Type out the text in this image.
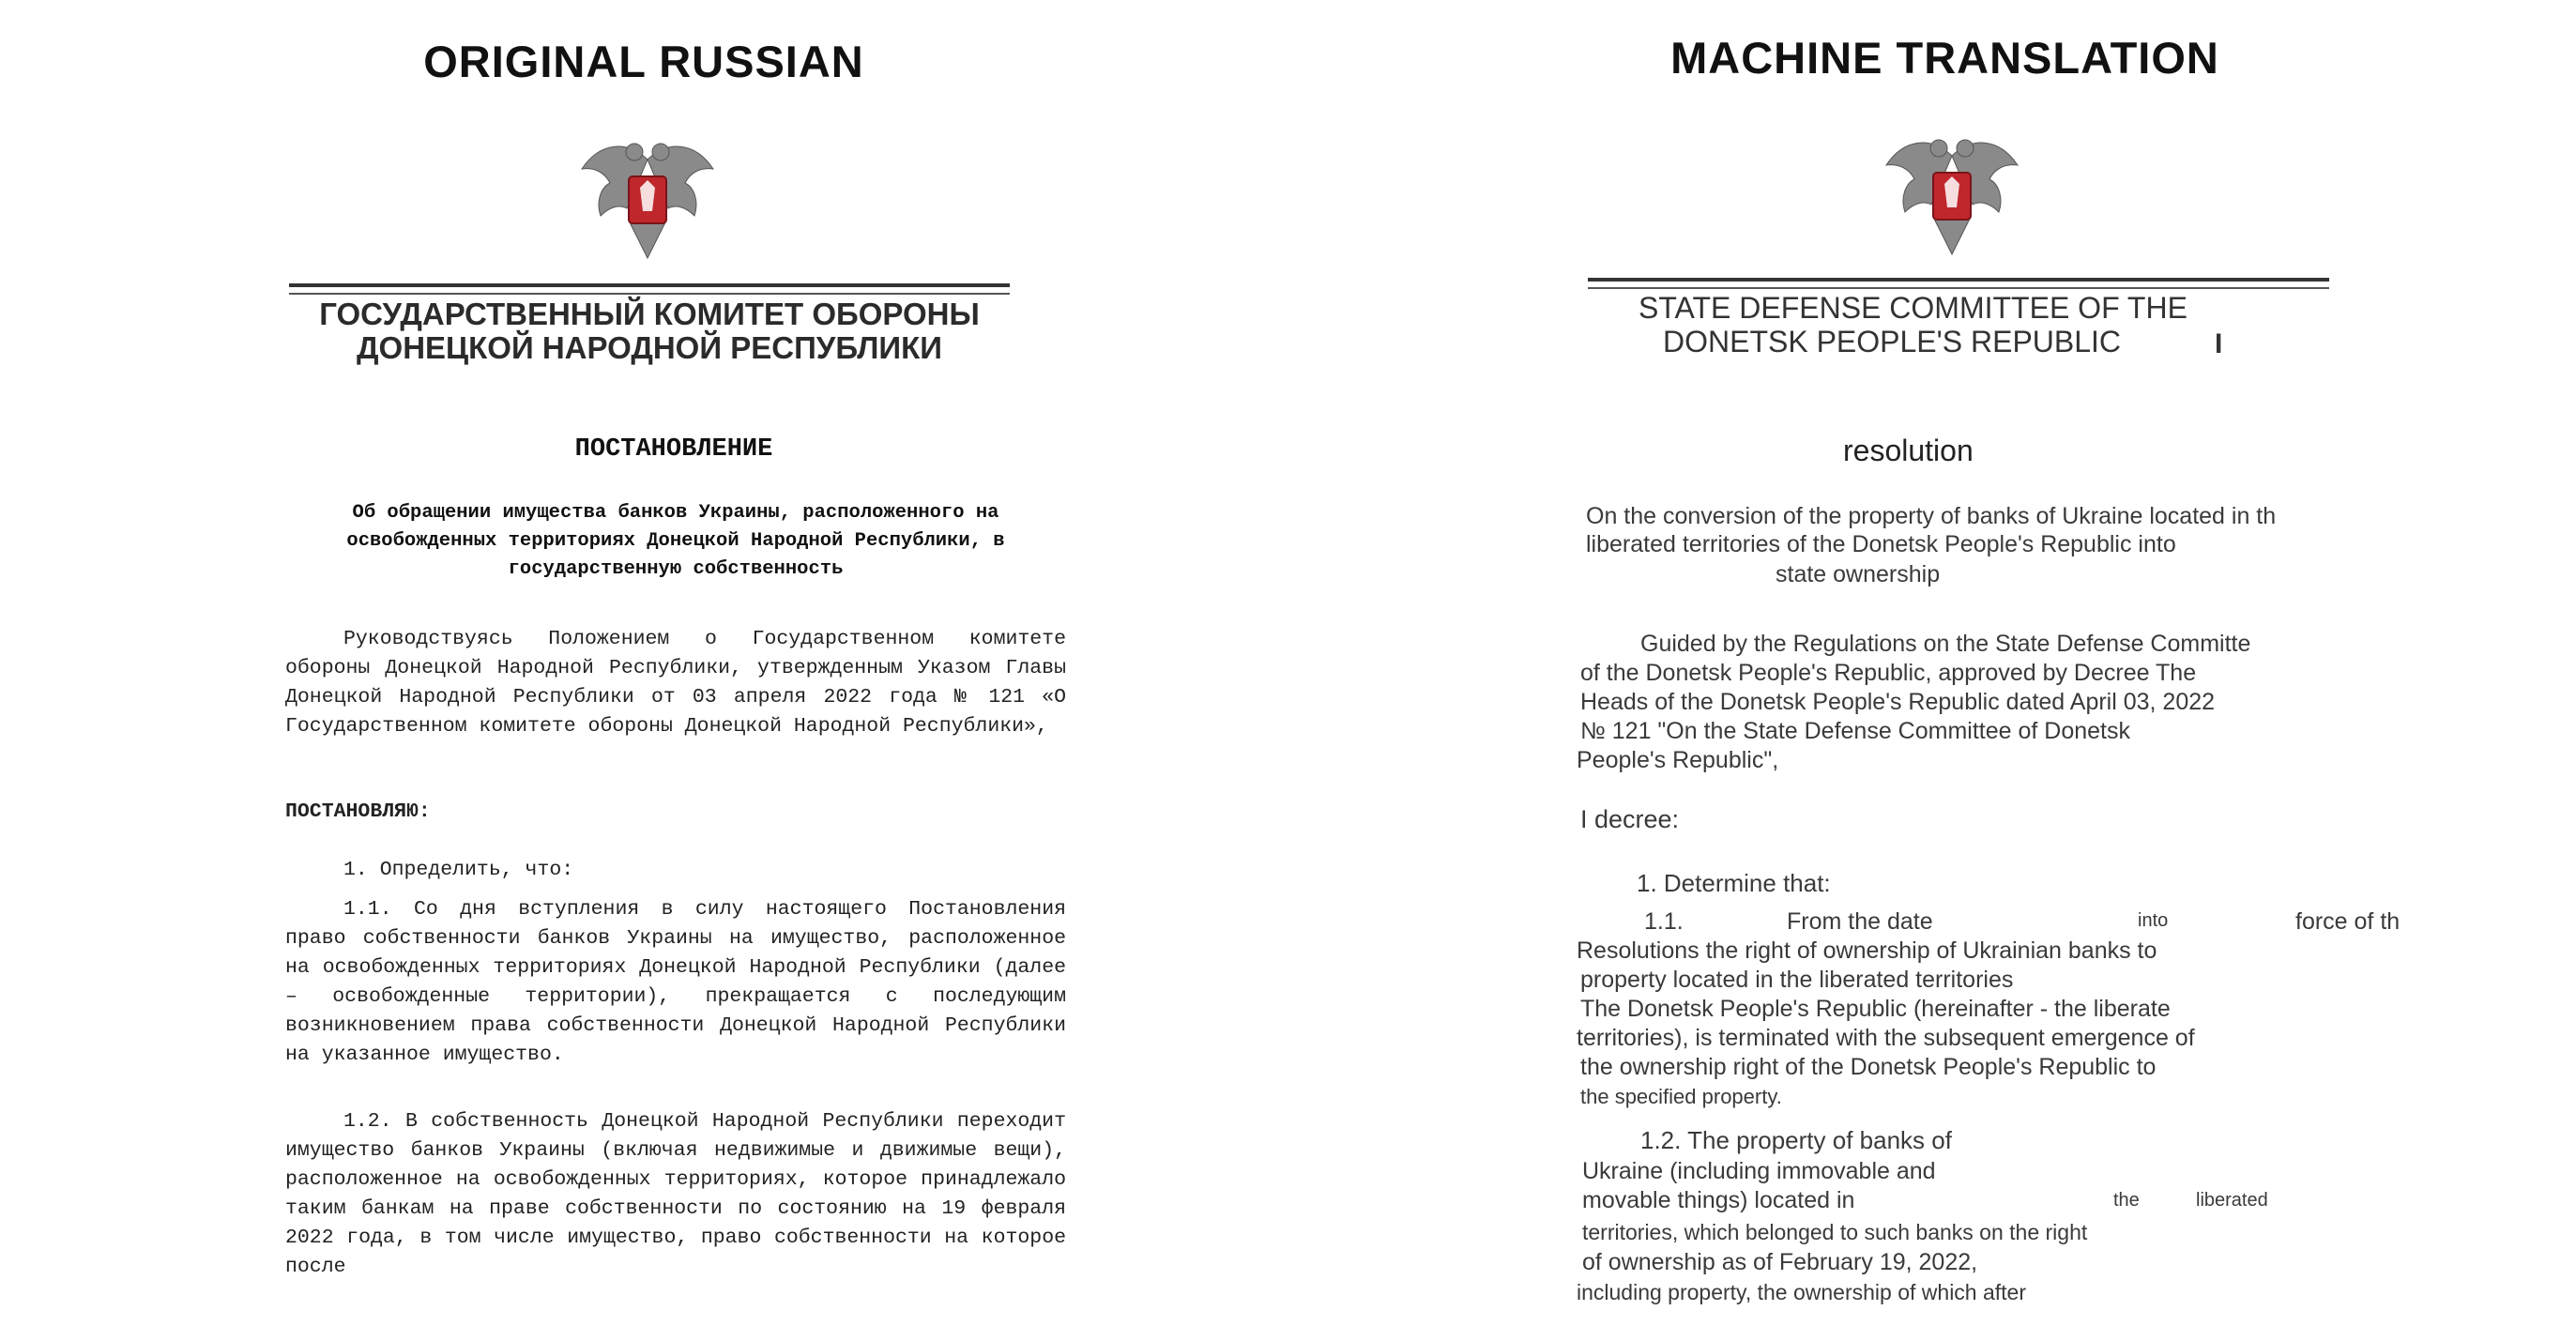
ORIGINAL RUSSIAN
ГОСУДАРСТВЕННЫЙ КОМИТЕТ ОБОРОНЫ
ДОНЕЦКОЙ НАРОДНОЙ РЕСПУБЛИКИ
ПОСТАНОВЛЕНИЕ
Об обращении имущества банков Украины, расположенного на
освобожденных территориях Донецкой Народной Республики, в
государственную собственность
Руководствуясь Положением о Государственном комитете обороны Донецкой Народной Республики, утвержденным Указом Главы Донецкой Народной Республики от 03 апреля 2022 года № 121 «О Государственном комитете обороны Донецкой Народной Республики»,
ПОСТАНОВЛЯЮ:
1. Определить, что:
1.1. Со дня вступления в силу настоящего Постановления право собственности банков Украины на имущество, расположенное на освобожденных территориях Донецкой Народной Республики (далее – освобожденные территории), прекращается с последующим возникновением права собственности Донецкой Народной Республики на указанное имущество.
1.2. В собственность Донецкой Народной Республики переходит имущество банков Украины (включая недвижимые и движимые вещи), расположенное на освобожденных территориях, которое принадлежало таким банкам на праве собственности по состоянию на 19 февраля 2022 года, в том числе имущество, право собственности на которое после
MACHINE TRANSLATION
STATE DEFENSE COMMITTEE OF THE
DONETSK PEOPLE'S REPUBLIC	I
resolution
On the conversion of the property of banks of Ukraine located in th
liberated territories of the Donetsk People's Republic into
state ownership
Guided by the Regulations on the State Defense Committe
of the Donetsk People's Republic, approved by Decree The
Heads of the Donetsk People's Republic dated April 03, 2022
№ 121 "On the State Defense Committee of Donetsk
People's Republic",
I decree:
1. Determine that:
1.1.	From the date	into	force of th
Resolutions the right of ownership of Ukrainian banks to
property located in the liberated territories
The Donetsk People's Republic (hereinafter - the liberate
territories), is terminated with the subsequent emergence of
the ownership right of the Donetsk People's Republic to
the specified property.
1.2. The property of banks of
Ukraine (including immovable and
movable things) located in	the	liberated
territories, which belonged to such banks on the right
of ownership as of February 19, 2022,
including property, the ownership of which after
